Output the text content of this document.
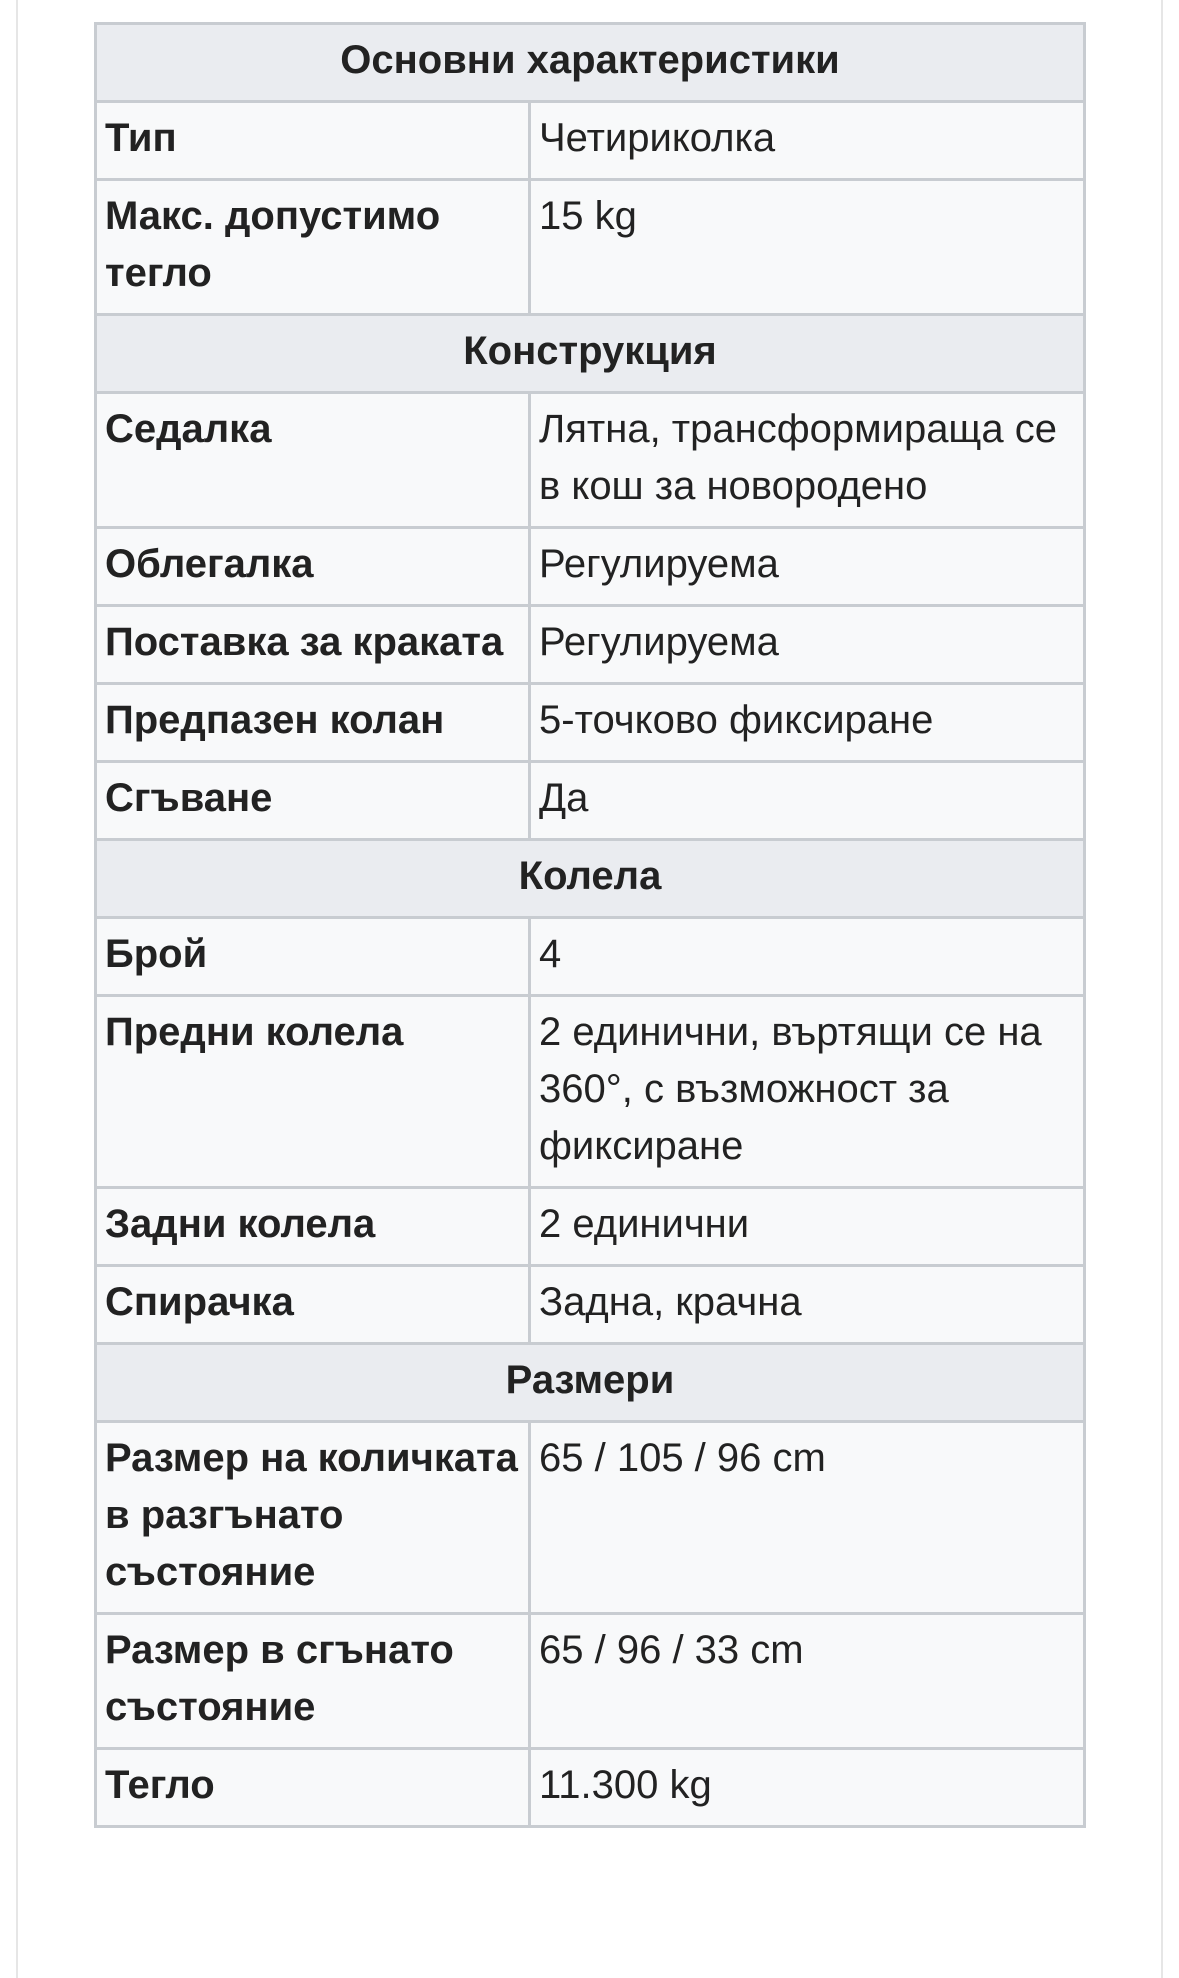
Основни характеристики	
Тип	Четириколка
Макс. допустимо тегло	15 kg
Конструкция	
Седалка	Лятна, трансформираща се в кош за новородено
Облегалка	Регулируема
Поставка за краката	Регулируема
Предпазен колан	5-точково фиксиране
Сгъване	Да
Колела	
Брой	4
Предни колела	2 единични, въртящи се на 360°, с възможност за фиксиране
Задни колела	2 единични
Спирачка	Задна, крачна
Размери	
Размер на количката в разгънато състояние	65 / 105 / 96 cm
Размер в сгънато състояние	65 / 96 / 33 cm
Тегло	11.300 kg
